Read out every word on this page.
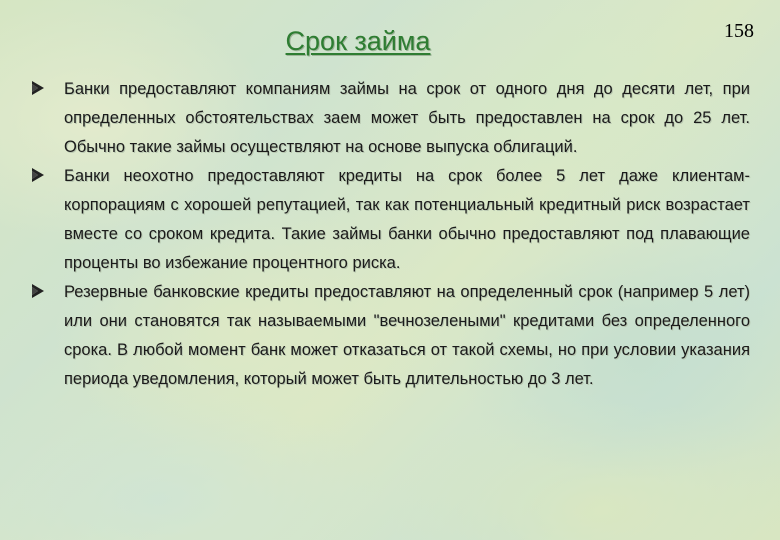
Срок займа	158
Банки предоставляют компаниям займы на срок от одного дня до десяти лет, при определенных обстоятельствах заем может быть предоставлен на срок до 25 лет. Обычно такие займы осуществляют на основе выпуска облигаций.
Банки неохотно предоставляют кредиты на срок более 5 лет даже клиентам-корпорациям с хорошей репутацией, так как потенциальный кредитный риск возрастает вместе со сроком кредита. Такие займы банки обычно предоставляют под плавающие проценты во избежание процентного риска.
Резервные банковские кредиты предоставляют на определенный срок (например 5 лет) или они становятся так называемыми "вечнозелеными" кредитами без определенного срока. В любой момент банк может отказаться от такой схемы, но при условии указания периода уведомления, который может быть длительностью до 3 лет.
